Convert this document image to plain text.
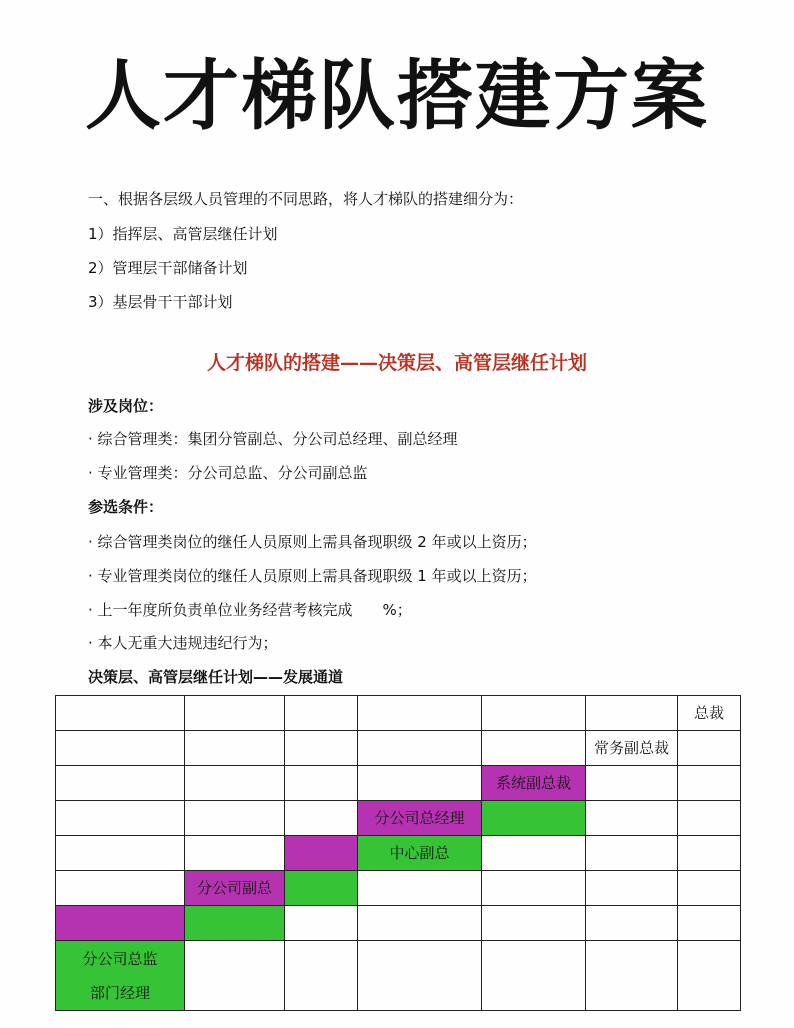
人才梯队搭建方案
一、根据各层级人员管理的不同思路，将人才梯队的搭建细分为：
1）指挥层、高管层继任计划
2）管理层干部储备计划
3）基层骨干干部计划
人才梯队的搭建——决策层、高管层继任计划
涉及岗位：
· 综合管理类：集团分管副总、分公司总经理、副总经理
· 专业管理类：分公司总监、分公司副总监
参选条件：
· 综合管理类岗位的继任人员原则上需具备现职级 2 年或以上资历；
· 专业管理类岗位的继任人员原则上需具备现职级 1 年或以上资历；
· 上一年度所负责单位业务经营考核完成　　%；
· 本人无重大违规违纪行为；
决策层、高管层继任计划——发展通道

						总裁

					常务副总裁	

				系统副总裁		

			分公司总经理			

			中心副总			

	分公司副总					

分公司总监
部门经理						
